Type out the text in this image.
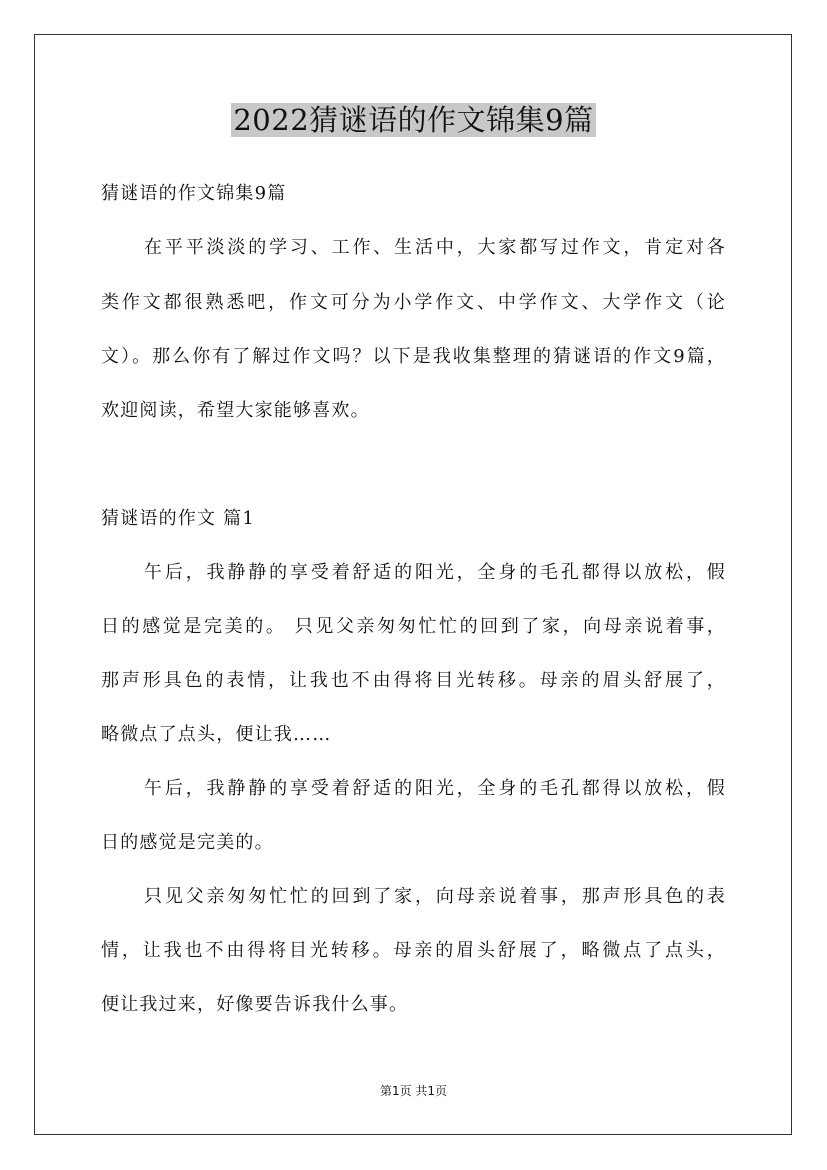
2022猜谜语的作文锦集9篇
猜谜语的作文锦集9篇
在平平淡淡的学习、工作、生活中，大家都写过作文，肯定对各
类作文都很熟悉吧，作文可分为小学作文、中学作文、大学作文（论
文）。那么你有了解过作文吗？以下是我收集整理的猜谜语的作文9篇，
欢迎阅读，希望大家能够喜欢。
猜谜语的作文 篇1
午后，我静静的享受着舒适的阳光，全身的毛孔都得以放松，假
日的感觉是完美的。 只见父亲匆匆忙忙的回到了家，向母亲说着事，
那声形具色的表情，让我也不由得将目光转移。母亲的眉头舒展了，
略微点了点头，便让我……
午后，我静静的享受着舒适的阳光，全身的毛孔都得以放松，假
日的感觉是完美的。
只见父亲匆匆忙忙的回到了家，向母亲说着事，那声形具色的表
情，让我也不由得将目光转移。母亲的眉头舒展了，略微点了点头，
便让我过来，好像要告诉我什么事。
第1页 共1页
